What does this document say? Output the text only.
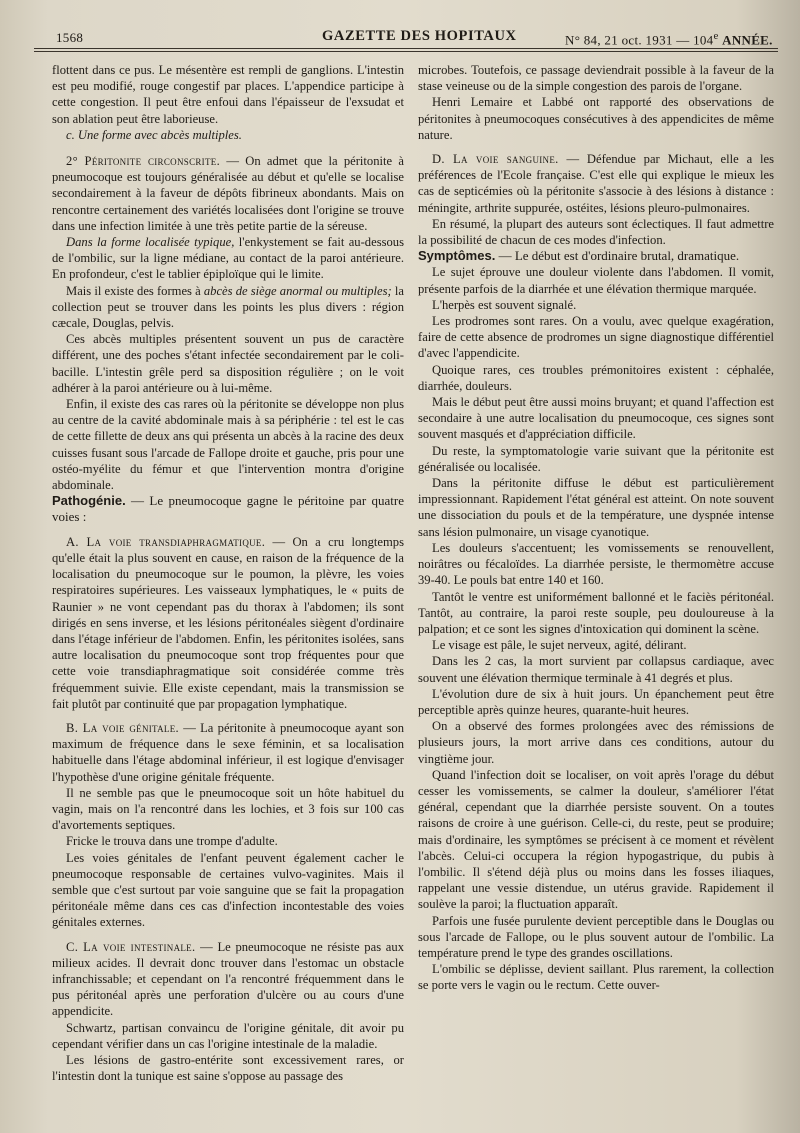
1568	GAZETTE DES HOPITAUX	N° 84, 21 oct. 1931 — 104e ANNÉE.

flottent dans ce pus. Le mésentère est rempli de ganglions. L'intestin est peu modifié, rouge congestif par places. L'appendice participe à cette congestion. Il peut être enfoui dans l'épaisseur de l'exsudat et son ablation peut être laborieuse.

c. Une forme avec abcès multiples.

2° Péritonite circonscrite. — On admet que la péritonite à pneumocoque est toujours généralisée au début et qu'elle se localise secondairement à la faveur de dépôts fibrineux abondants. Mais on rencontre certainement des variétés localisées dont l'origine se trouve dans une infection limitée à une très petite partie de la séreuse.

Dans la forme localisée typique, l'enkystement se fait au-dessous de l'ombilic, sur la ligne médiane, au contact de la paroi antérieure. En profondeur, c'est le tablier épiploïque qui le limite.

Mais il existe des formes à abcès de siège anormal ou multiples; la collection peut se trouver dans les points les plus divers : région cæcale, Douglas, pelvis.

Ces abcès multiples présentent souvent un pus de caractère différent, une des poches s'étant infectée secondairement par le coli-bacille. L'intestin grêle perd sa disposition régulière ; on le voit adhérer à la paroi antérieure ou à lui-même.

Enfin, il existe des cas rares où la péritonite se développe non plus au centre de la cavité abdominale mais à sa périphérie : tel est le cas de cette fillette de deux ans qui présenta un abcès à la racine des deux cuisses fusant sous l'arcade de Fallope droite et gauche, pris pour une ostéo-myélite du fémur et que l'intervention montra d'origine abdominale.

Pathogénie. — Le pneumocoque gagne le péritoine par quatre voies :

A. La voie transdiaphragmatique. — On a cru longtemps qu'elle était la plus souvent en cause, en raison de la fréquence de la localisation du pneumocoque sur le poumon, la plèvre, les voies respiratoires supérieures. Les vaisseaux lymphatiques, le « puits de Raunier » ne vont cependant pas du thorax à l'abdomen; ils sont dirigés en sens inverse, et les lésions péritonéales siègent d'ordinaire dans l'étage inférieur de l'abdomen. Enfin, les péritonites isolées, sans autre localisation du pneumocoque sont trop fréquentes pour que cette voie transdiaphragmatique soit considérée comme très fréquemment suivie. Elle existe cependant, mais la transmission se fait plutôt par continuité que par propagation lymphatique.

B. La voie génitale. — La péritonite à pneumocoque ayant son maximum de fréquence dans le sexe féminin, et sa localisation habituelle dans l'étage abdominal inférieur, il est logique d'envisager l'hypothèse d'une origine génitale fréquente.

Il ne semble pas que le pneumocoque soit un hôte habituel du vagin, mais on l'a rencontré dans les lochies, et 3 fois sur 100 cas d'avortements septiques.

Fricke le trouva dans une trompe d'adulte.

Les voies génitales de l'enfant peuvent également cacher le pneumocoque responsable de certaines vulvo-vaginites. Mais il semble que c'est surtout par voie sanguine que se fait la propagation péritonéale même dans ces cas d'infection incontestable des voies génitales externes.

C. La voie intestinale. — Le pneumocoque ne résiste pas aux milieux acides. Il devrait donc trouver dans l'estomac un obstacle infranchissable; et cependant on l'a rencontré fréquemment dans le pus péritonéal après une perforation d'ulcère ou au cours d'une appendicite.

Schwartz, partisan convaincu de l'origine génitale, dit avoir pu cependant vérifier dans un cas l'origine intestinale de la maladie.

Les lésions de gastro-entérite sont excessivement rares, or l'intestin dont la tunique est saine s'oppose au passage des

microbes. Toutefois, ce passage deviendrait possible à la faveur de la stase veineuse ou de la simple congestion des parois de l'organe.

Henri Lemaire et Labbé ont rapporté des observations de péritonites à pneumocoques consécutives à des appendicites de même nature.

D. La voie sanguine. — Défendue par Michaut, elle a les préférences de l'Ecole française. C'est elle qui explique le mieux les cas de septicémies où la péritonite s'associe à des lésions à distance : méningite, arthrite suppurée, ostéites, lésions pleuro-pulmonaires.

En résumé, la plupart des auteurs sont éclectiques. Il faut admettre la possibilité de chacun de ces modes d'infection.

Symptômes. — Le début est d'ordinaire brutal, dramatique.

Le sujet éprouve une douleur violente dans l'abdomen. Il vomit, présente parfois de la diarrhée et une élévation thermique marquée.

L'herpès est souvent signalé.

Les prodromes sont rares. On a voulu, avec quelque exagération, faire de cette absence de prodromes un signe diagnostique différentiel d'avec l'appendicite.

Quoique rares, ces troubles prémonitoires existent : céphalée, diarrhée, douleurs.

Mais le début peut être aussi moins bruyant; et quand l'affection est secondaire à une autre localisation du pneumocoque, ces signes sont souvent masqués et d'appréciation difficile.

Du reste, la symptomatologie varie suivant que la péritonite est généralisée ou localisée.

Dans la péritonite diffuse le début est particulièrement impressionnant. Rapidement l'état général est atteint. On note souvent une dissociation du pouls et de la température, une dyspnée intense sans lésion pulmonaire, un visage cyanotique.

Les douleurs s'accentuent; les vomissements se renouvellent, noirâtres ou fécaloïdes. La diarrhée persiste, le thermomètre accuse 39-40. Le pouls bat entre 140 et 160.

Tantôt le ventre est uniformément ballonné et le faciès péritonéal. Tantôt, au contraire, la paroi reste souple, peu douloureuse à la palpation; et ce sont les signes d'intoxication qui dominent la scène.

Le visage est pâle, le sujet nerveux, agité, délirant.

Dans les 2 cas, la mort survient par collapsus cardiaque, avec souvent une élévation thermique terminale à 41 degrés et plus.

L'évolution dure de six à huit jours. Un épanchement peut être perceptible après quinze heures, quarante-huit heures.

On a observé des formes prolongées avec des rémissions de plusieurs jours, la mort arrive dans ces conditions, autour du vingtième jour.

Quand l'infection doit se localiser, on voit après l'orage du début cesser les vomissements, se calmer la douleur, s'améliorer l'état général, cependant que la diarrhée persiste souvent. On a toutes raisons de croire à une guérison. Celle-ci, du reste, peut se produire; mais d'ordinaire, les symptômes se précisent à ce moment et révèlent l'abcès. Celui-ci occupera la région hypogastrique, du pubis à l'ombilic. Il s'étend déjà plus ou moins dans les fosses iliaques, rappelant une vessie distendue, un utérus gravide. Rapidement il soulève la paroi; la fluctuation apparaît.

Parfois une fusée purulente devient perceptible dans le Douglas ou sous l'arcade de Fallope, ou le plus souvent autour de l'ombilic. La température prend le type des grandes oscillations.

L'ombilic se déplisse, devient saillant. Plus rarement, la collection se porte vers le vagin ou le rectum. Cette ouver-
